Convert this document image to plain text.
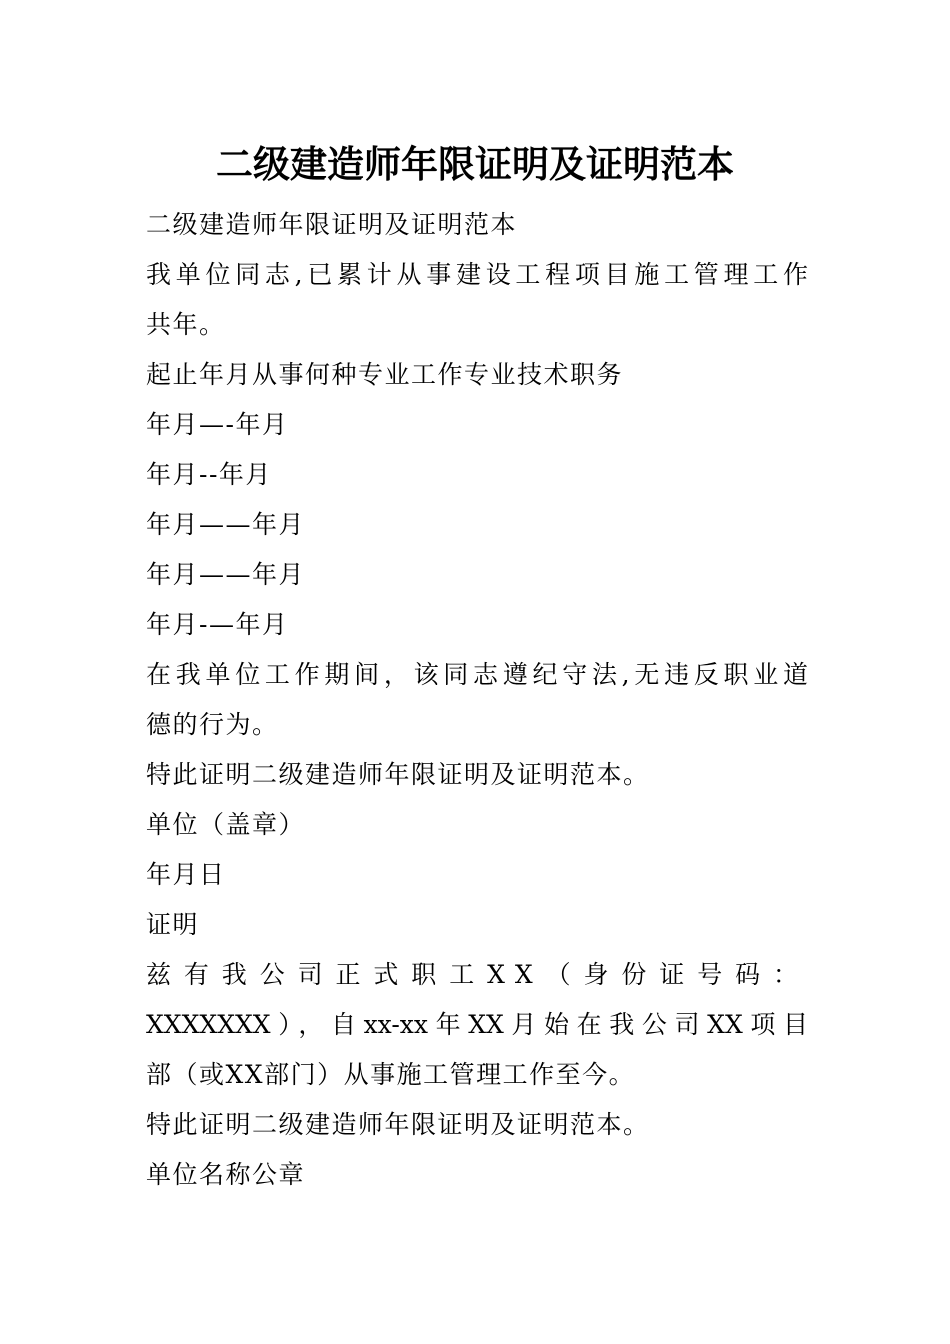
二级建造师年限证明及证明范本
二级建造师年限证明及证明范本
我单位同志,已累计从事建设工程项目施工管理工作
共年。
起止年月从事何种专业工作专业技术职务
年月—-年月
年月--年月
年月——年月
年月——年月
年月-—年月
在我单位工作期间，该同志遵纪守法,无违反职业道
德的行为。
特此证明二级建造师年限证明及证明范本。
单位（盖章）
年月日
证明
兹有我公司正式职工XX（身份证号码：
XXXXXXX），自xx-xx年XX月始在我公司XX项目
部（或XX部门）从事施工管理工作至今。
特此证明二级建造师年限证明及证明范本。
单位名称公章
